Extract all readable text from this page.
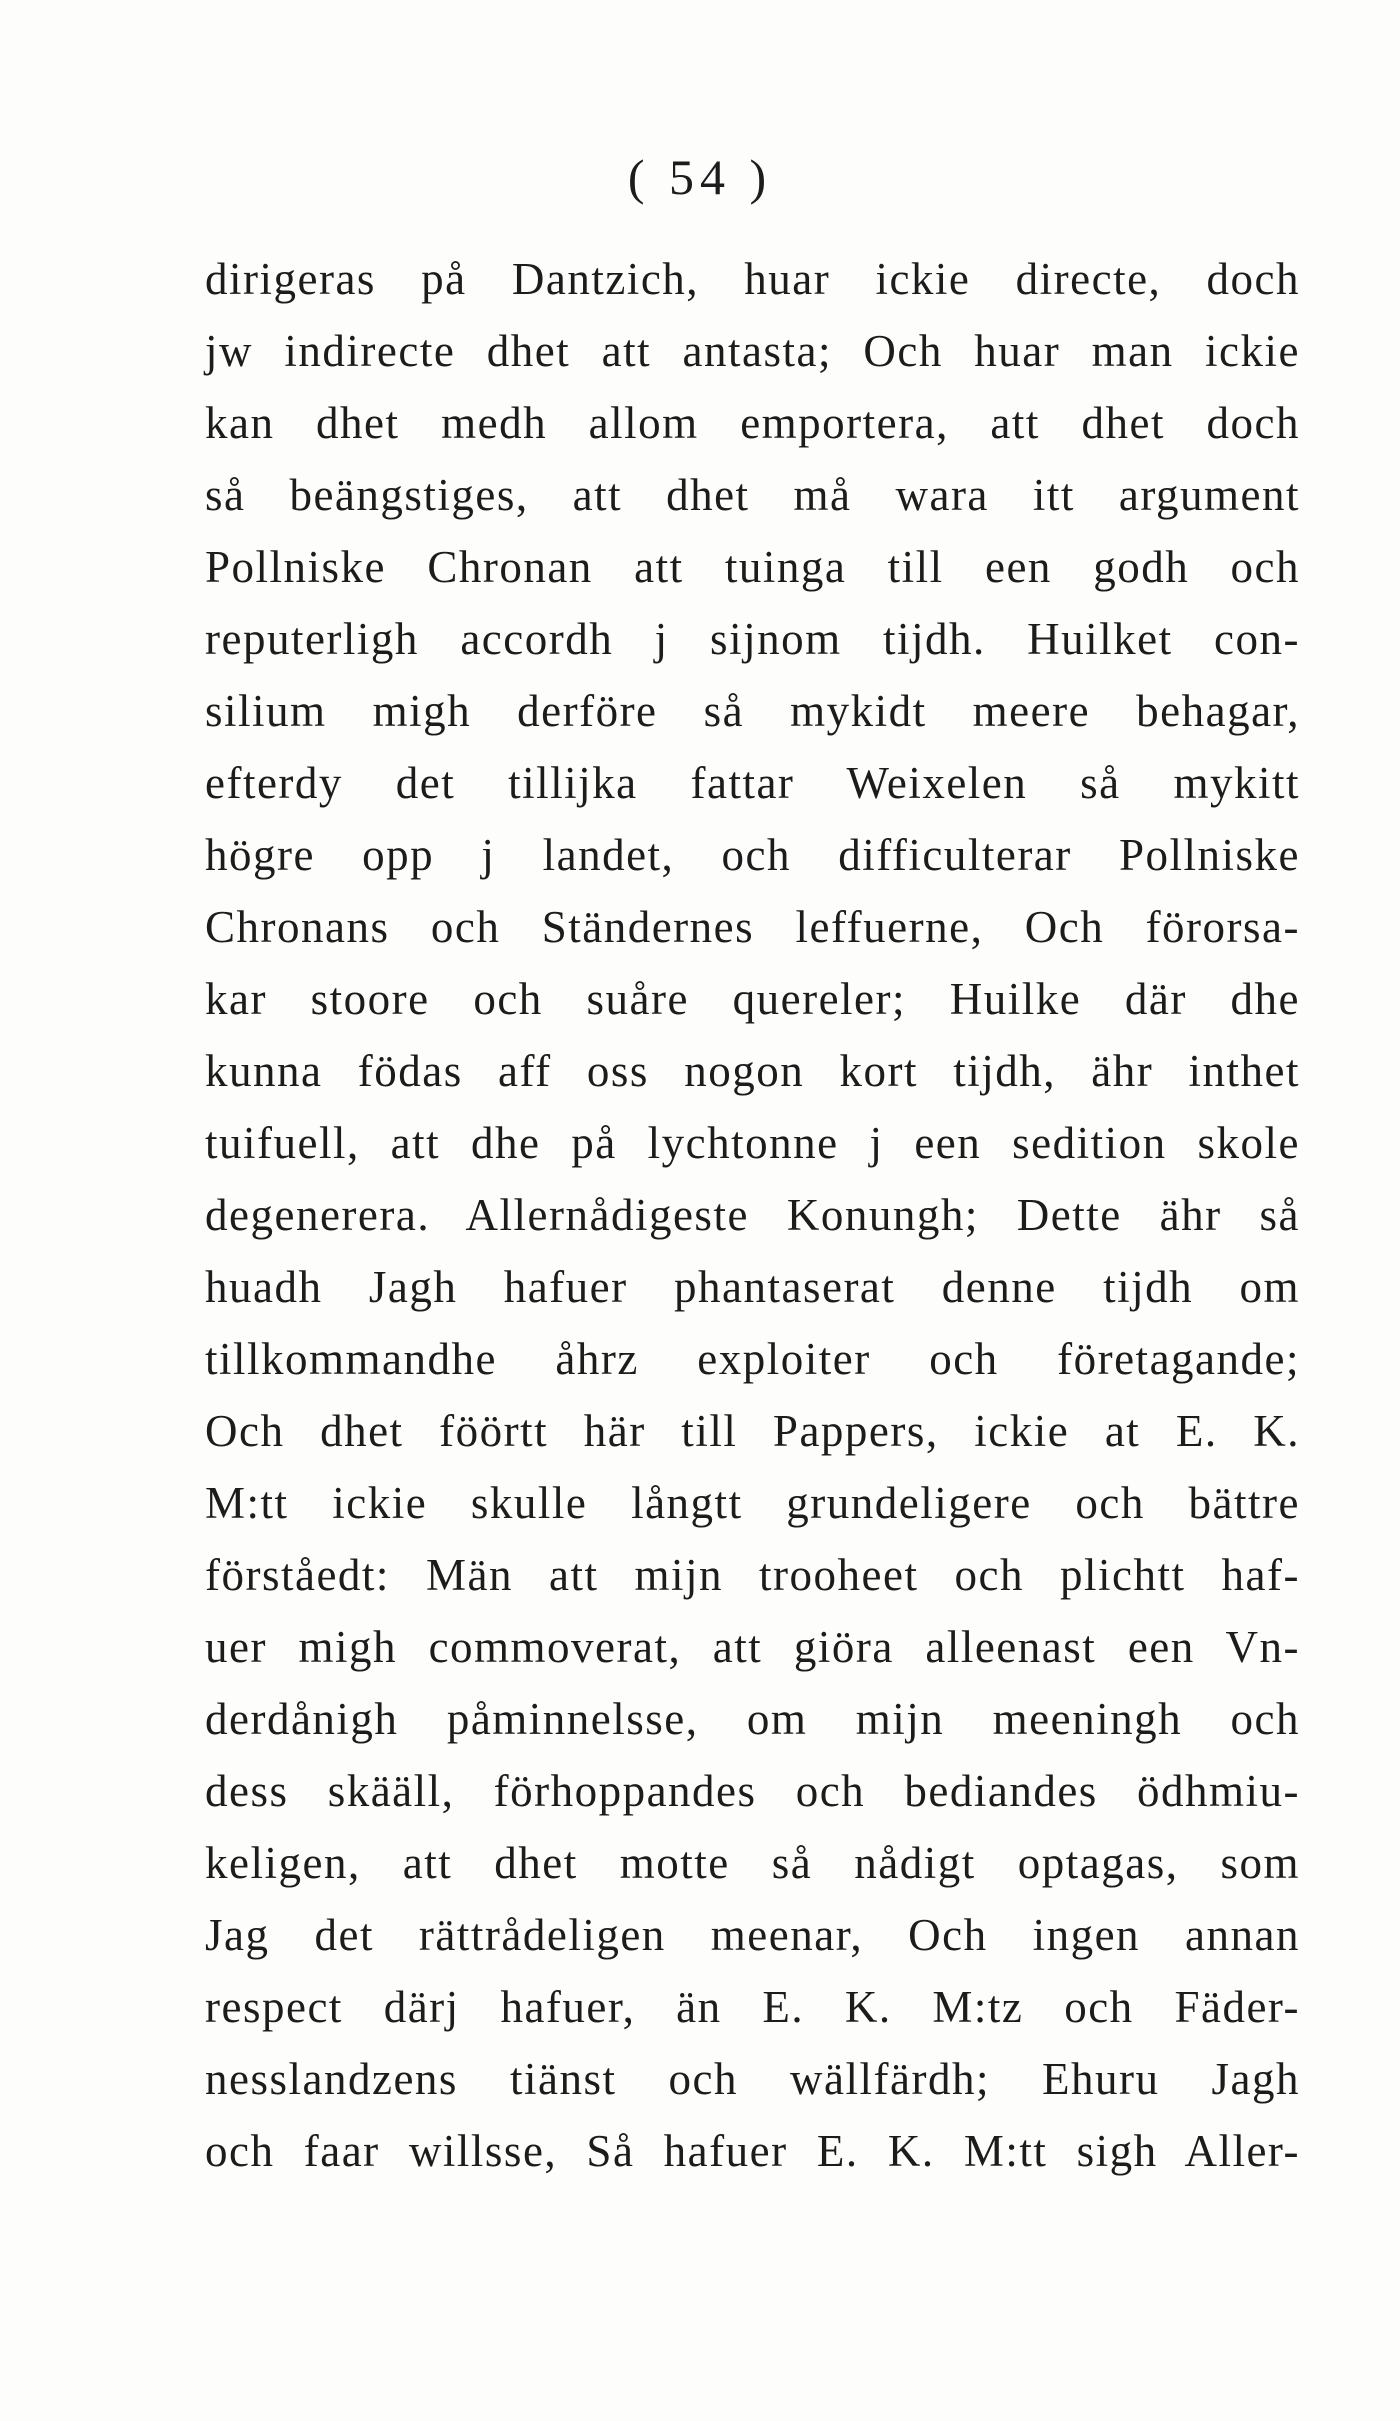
( 54 )
dirigeras på Dantzich, huar ickie directe, doch
jw indirecte dhet att antasta; Och huar man ickie
kan dhet medh allom emportera, att dhet doch
så beängstiges, att dhet må wara itt argument
Pollniske Chronan att tuinga till een godh och
reputerligh accordh j sijnom tijdh. Huilket con-
silium migh derföre så mykidt meere behagar,
efterdy det tillijka fattar Weixelen så mykitt
högre opp j landet, och difficulterar Pollniske
Chronans och Ständernes leffuerne, Och förorsa-
kar stoore och suåre quereler; Huilke där dhe
kunna födas aff oss nogon kort tijdh, ähr inthet
tuifuell, att dhe på lychtonne j een sedition skole
degenerera. Allernådigeste Konungh; Dette ähr så
huadh Jagh hafuer phantaserat denne tijdh om
tillkommandhe åhrz exploiter och företagande;
Och dhet föörtt här till Pappers, ickie at E. K.
M:tt ickie skulle långtt grundeligere och bättre
förståedt: Män att mijn trooheet och plichtt haf-
uer migh commoverat, att giöra alleenast een Vn-
derdånigh påminnelsse, om mijn meeningh och
dess skääll, förhoppandes och bediandes ödhmiu-
keligen, att dhet motte så nådigt optagas, som
Jag det rättrådeligen meenar, Och ingen annan
respect därj hafuer, än E. K. M:tz och Fäder-
nesslandzens tiänst och wällfärdh; Ehuru Jagh
och faar willsse, Så hafuer E. K. M:tt sigh Aller-
